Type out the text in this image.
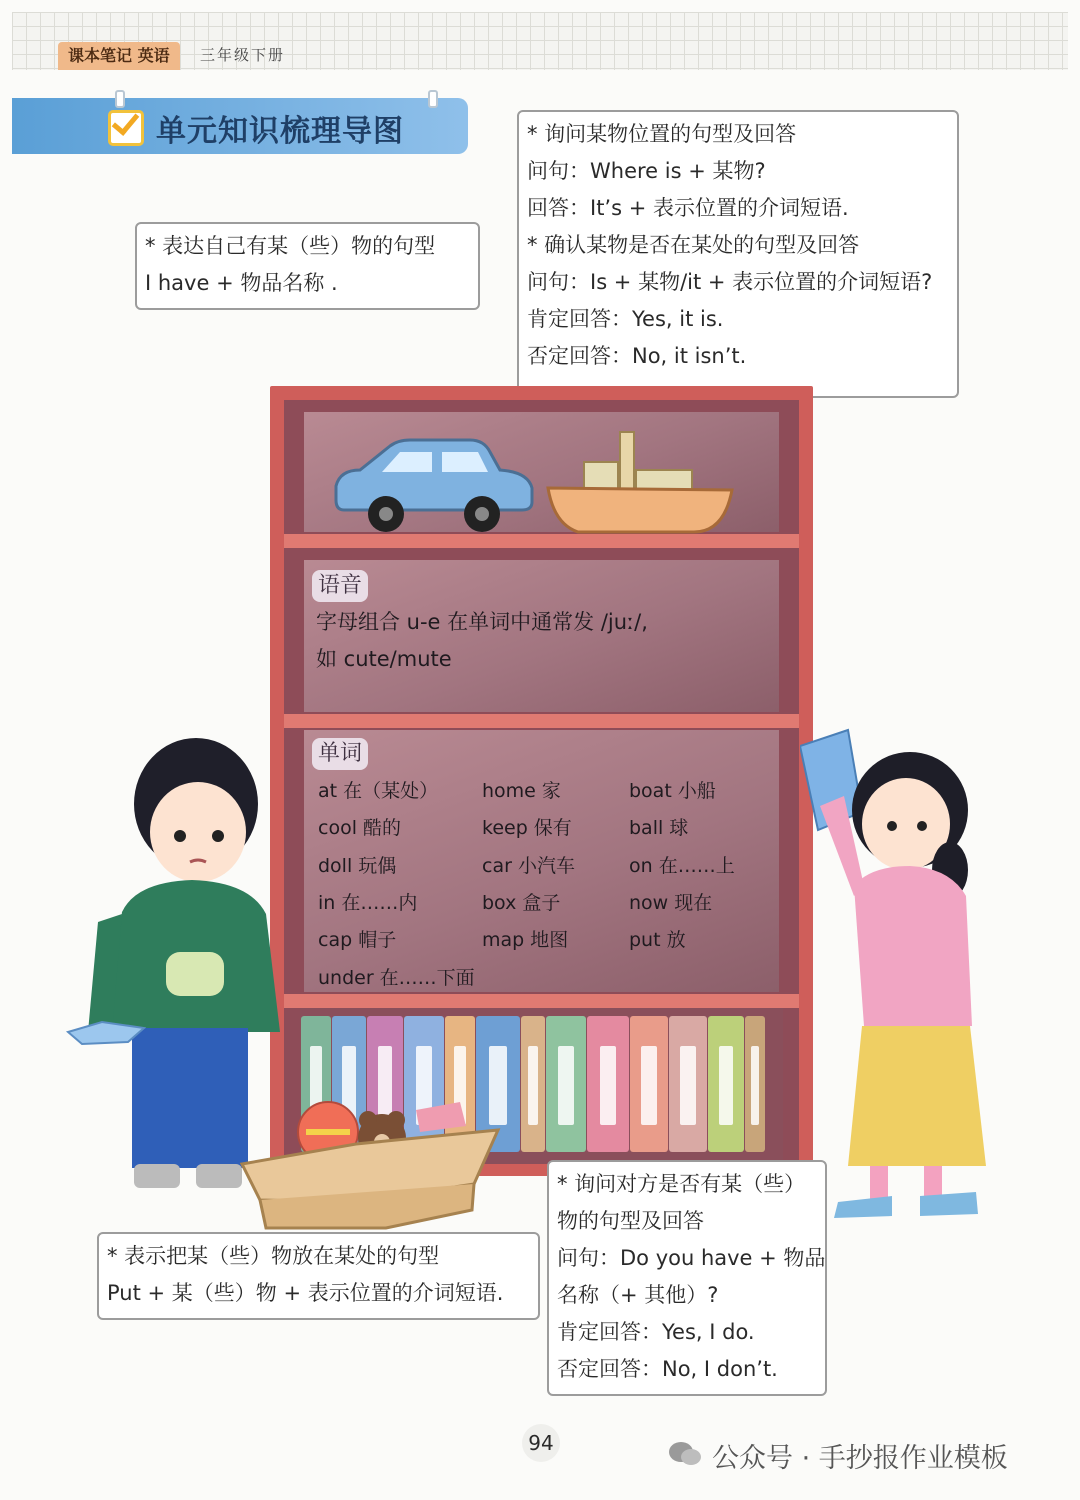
课本笔记 英语	三年级下册
单元知识梳理导图
* 表达自己有某（些）物的句型
I have + 物品名称 .
* 询问某物位置的句型及回答
问句：Where is + 某物?
回答：It’s + 表示位置的介词短语.
* 确认某物是否在某处的句型及回答
问句：Is + 某物/it + 表示位置的介词短语?
肯定回答：Yes, it is.
否定回答：No, it isn’t.
语音
字母组合 u-e 在单词中通常发 /juː/,
如 cute/mute
单词
at 在（某处）
cool 酷的
doll 玩偶
in 在……内
cap 帽子
under 在……下面
home 家
keep 保有
car 小汽车
box 盒子
map 地图
boat 小船
ball 球
on 在……上
now 现在
put 放
* 表示把某（些）物放在某处的句型
Put + 某（些）物 + 表示位置的介词短语.
* 询问对方是否有某（些）
物的句型及回答
问句：Do you have + 物品
名称（+ 其他）?
肯定回答：Yes, I do.
否定回答：No, I don’t.
94	公众号 · 手抄报作业模板
